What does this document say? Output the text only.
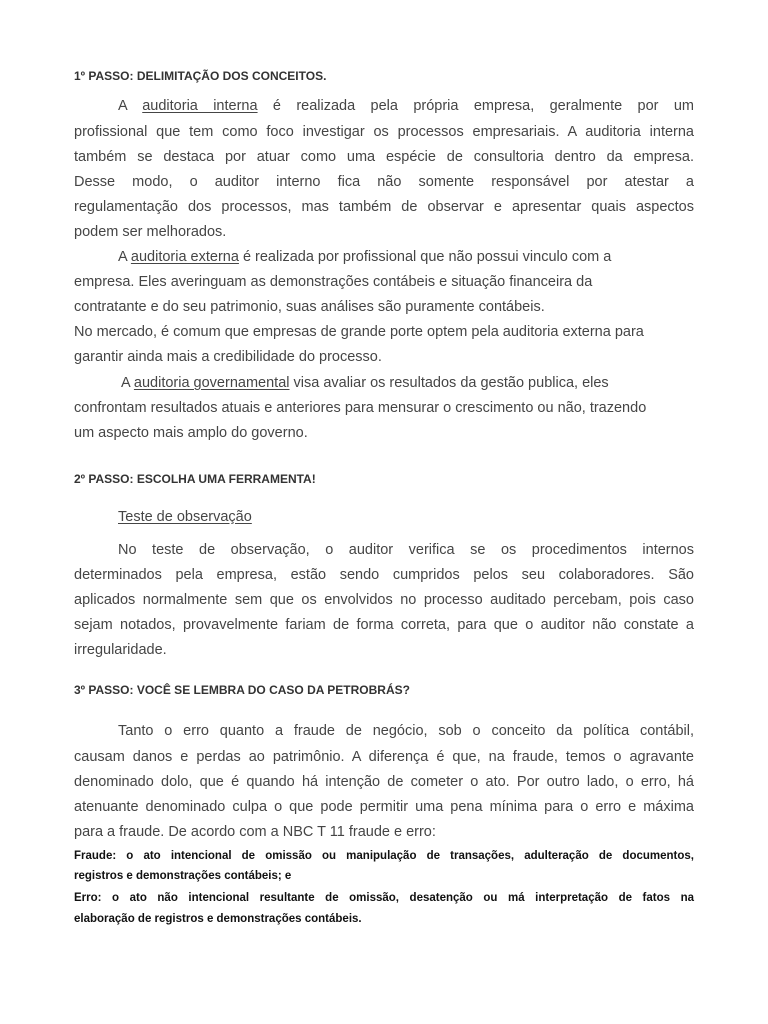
1º PASSO: DELIMITAÇÃO DOS CONCEITOS.
A auditoria interna é realizada pela própria empresa, geralmente por um
profissional que tem como foco investigar os processos empresariais. A auditoria interna
também se destaca por atuar como uma espécie de consultoria dentro da empresa.
Desse modo, o auditor interno fica não somente responsável por atestar a
regulamentação dos processos, mas também de observar e apresentar quais aspectos
podem ser melhorados.
A auditoria externa é realizada por profissional que não possui vinculo com a
empresa. Eles averinguam as demonstrações contábeis e situação financeira da
contratante e do seu patrimonio, suas análises são puramente contábeis.
No mercado, é comum que empresas de grande porte optem pela auditoria externa para
garantir ainda mais a credibilidade do processo.
A auditoria governamental visa avaliar os resultados da gestão publica, eles
confrontam resultados atuais e anteriores para mensurar o crescimento ou não, trazendo
um aspecto mais amplo do governo.
2º PASSO: ESCOLHA UMA FERRAMENTA!
Teste de observação
No teste de observação, o auditor verifica se os procedimentos internos
determinados pela empresa, estão sendo cumpridos pelos seu colaboradores. São
aplicados normalmente sem que os envolvidos no processo auditado percebam, pois caso
sejam notados, provavelmente fariam de forma correta, para que o auditor não constate a
irregularidade.
3º PASSO: VOCÊ SE LEMBRA DO CASO DA PETROBRÁS?
Tanto o erro quanto a fraude de negócio, sob o conceito da política contábil,
causam danos e perdas ao patrimônio. A diferença é que, na fraude, temos o agravante
denominado dolo, que é quando há intenção de cometer o ato. Por outro lado, o erro, há
atenuante denominado culpa o que pode permitir uma pena mínima para o erro e máxima
para a fraude. De acordo com a NBC T 11 fraude e erro:
Fraude: o ato intencional de omissão ou manipulação de transações, adulteração de documentos,
registros e demonstrações contábeis; e
Erro: o ato não intencional resultante de omissão, desatenção ou má interpretação de fatos na
elaboração de registros e demonstrações contábeis.
